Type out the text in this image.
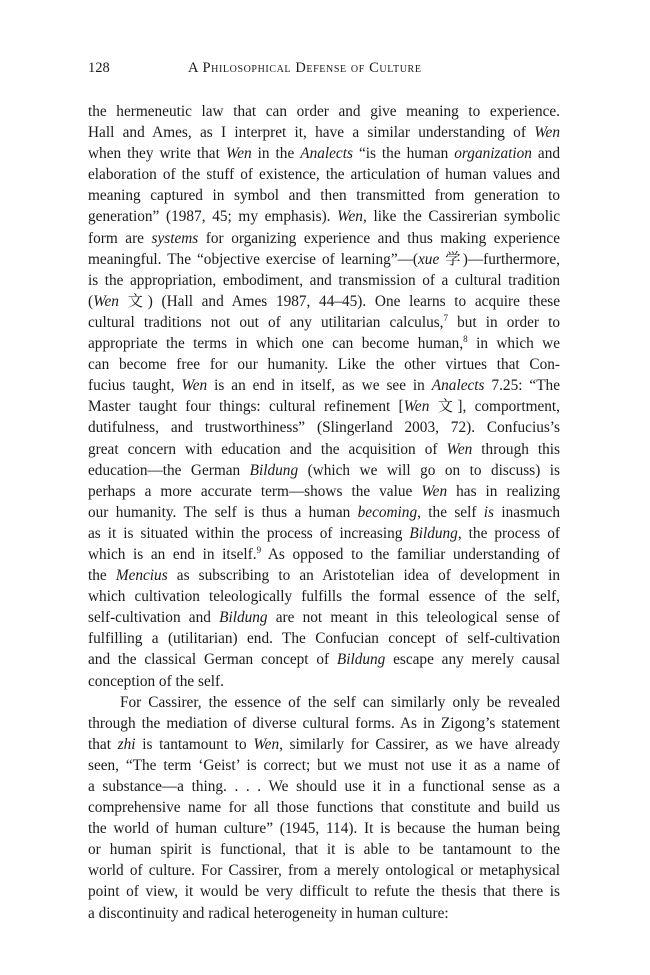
128	A Philosophical Defense of Culture
the hermeneutic law that can order and give meaning to experience.
Hall and Ames, as I interpret it, have a similar understanding of Wen
when they write that Wen in the Analects “is the human organization and
elaboration of the stuff of existence, the articulation of human values and
meaning captured in symbol and then transmitted from generation to
generation” (1987, 45; my emphasis). Wen, like the Cassirerian symbolic
form are systems for organizing experience and thus making experience
meaningful. The “objective exercise of learning”—(xue 学)—furthermore,
is the appropriation, embodiment, and transmission of a cultural tradition
(Wen 文) (Hall and Ames 1987, 44–45). One learns to acquire these
cultural traditions not out of any utilitarian calculus,$^7$ but in order to
appropriate the terms in which one can become human,$^8$ in which we
can become free for our humanity. Like the other virtues that Con-
fucius taught, Wen is an end in itself, as we see in Analects 7.25: “The
Master taught four things: cultural refinement [Wen 文], comportment,
dutifulness, and trustworthiness” (Slingerland 2003, 72). Confucius’s
great concern with education and the acquisition of Wen through this
education—the German Bildung (which we will go on to discuss) is
perhaps a more accurate term—shows the value Wen has in realizing
our humanity. The self is thus a human becoming, the self is inasmuch
as it is situated within the process of increasing Bildung, the process of
which is an end in itself.$^9$ As opposed to the familiar understanding of
the Mencius as subscribing to an Aristotelian idea of development in
which cultivation teleologically fulfills the formal essence of the self,
self-cultivation and Bildung are not meant in this teleological sense of
fulfilling a (utilitarian) end. The Confucian concept of self-cultivation
and the classical German concept of Bildung escape any merely causal
conception of the self.
For Cassirer, the essence of the self can similarly only be revealed
through the mediation of diverse cultural forms. As in Zigong’s statement
that zhi is tantamount to Wen, similarly for Cassirer, as we have already
seen, “The term ‘Geist’ is correct; but we must not use it as a name of
a substance—a thing. . . . We should use it in a functional sense as a
comprehensive name for all those functions that constitute and build us
the world of human culture” (1945, 114). It is because the human being
or human spirit is functional, that it is able to be tantamount to the
world of culture. For Cassirer, from a merely ontological or metaphysical
point of view, it would be very difficult to refute the thesis that there is
a discontinuity and radical heterogeneity in human culture:
